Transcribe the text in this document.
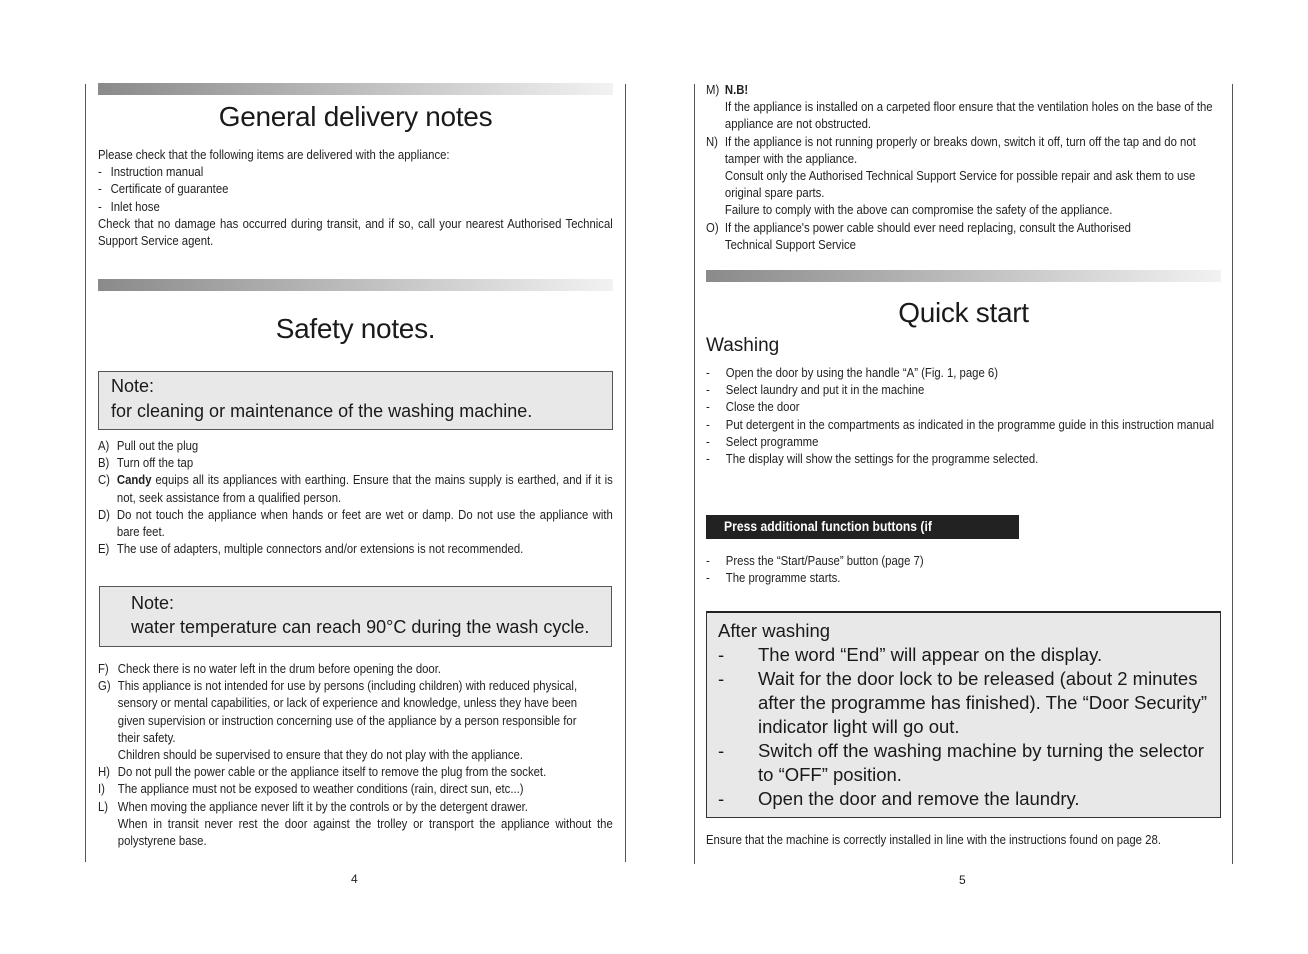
General delivery notes
Please check that the following items are delivered with the appliance:
- Instruction manual
- Certificate of guarantee
- Inlet hose
Check that no damage has occurred during transit, and if so, call your nearest Authorised Technical Support Service agent.
Safety notes.
Note:
for cleaning or maintenance of the washing machine.
A) Pull out the plug
B) Turn off the tap
C) Candy equips all its appliances with earthing. Ensure that the mains supply is earthed, and if it is not, seek assistance from a qualified person.
D) Do not touch the appliance when hands or feet are wet or damp. Do not use the appliance with bare feet.
E) The use of adapters, multiple connectors and/or extensions is not recommended.
Note:
water temperature can reach 90°C during the wash cycle.
F) Check there is no water left in the drum before opening the door.
G) This appliance is not intended for use by persons (including children) with reduced physical, sensory or mental capabilities, or lack of experience and knowledge, unless they have been given supervision or instruction concerning use of the appliance by a person responsible for their safety.
Children should be supervised to ensure that they do not play with the appliance.
H) Do not pull the power cable or the appliance itself to remove the plug from the socket.
I)	The appliance must not be exposed to weather conditions (rain, direct sun, etc...)
L) When moving the appliance never lift it by the controls or by the detergent drawer.
When in transit never rest the door against the trolley or transport the appliance without the polystyrene base.
4
M) N.B!
If the appliance is installed on a carpeted floor ensure that the ventilation holes on the base of the appliance are not obstructed.
N) If the appliance is not running properly or breaks down, switch it off, turn off the tap and do not tamper with the appliance.
Consult only the Authorised Technical Support Service for possible repair and ask them to use original spare parts.
Failure to comply with the above can compromise the safety of the appliance.
O) If the appliance's power cable should ever need replacing, consult the Authorised Technical Support Service
Quick start
Washing
-	Open the door by using the handle “A” (Fig. 1, page 6)
-	Select laundry and put it in the machine
-	Close the door
-	Put detergent in the compartments as indicated in the programme guide in this instruction manual
-	Select programme
-	The display will show the settings for the programme selected.
Press additional function buttons (if required)
-	Press the “Start/Pause” button (page 7)
-	The programme starts.
After washing
-	The word “End” will appear on the display.
-	Wait for the door lock to be released (about 2 minutes after the programme has finished). The “Door Security” indicator light will go out.
-	Switch off the washing machine by turning the selector to “OFF” position.
-	Open the door and remove the laundry.
Ensure that the machine is correctly installed in line with the instructions found on page 28.
5
